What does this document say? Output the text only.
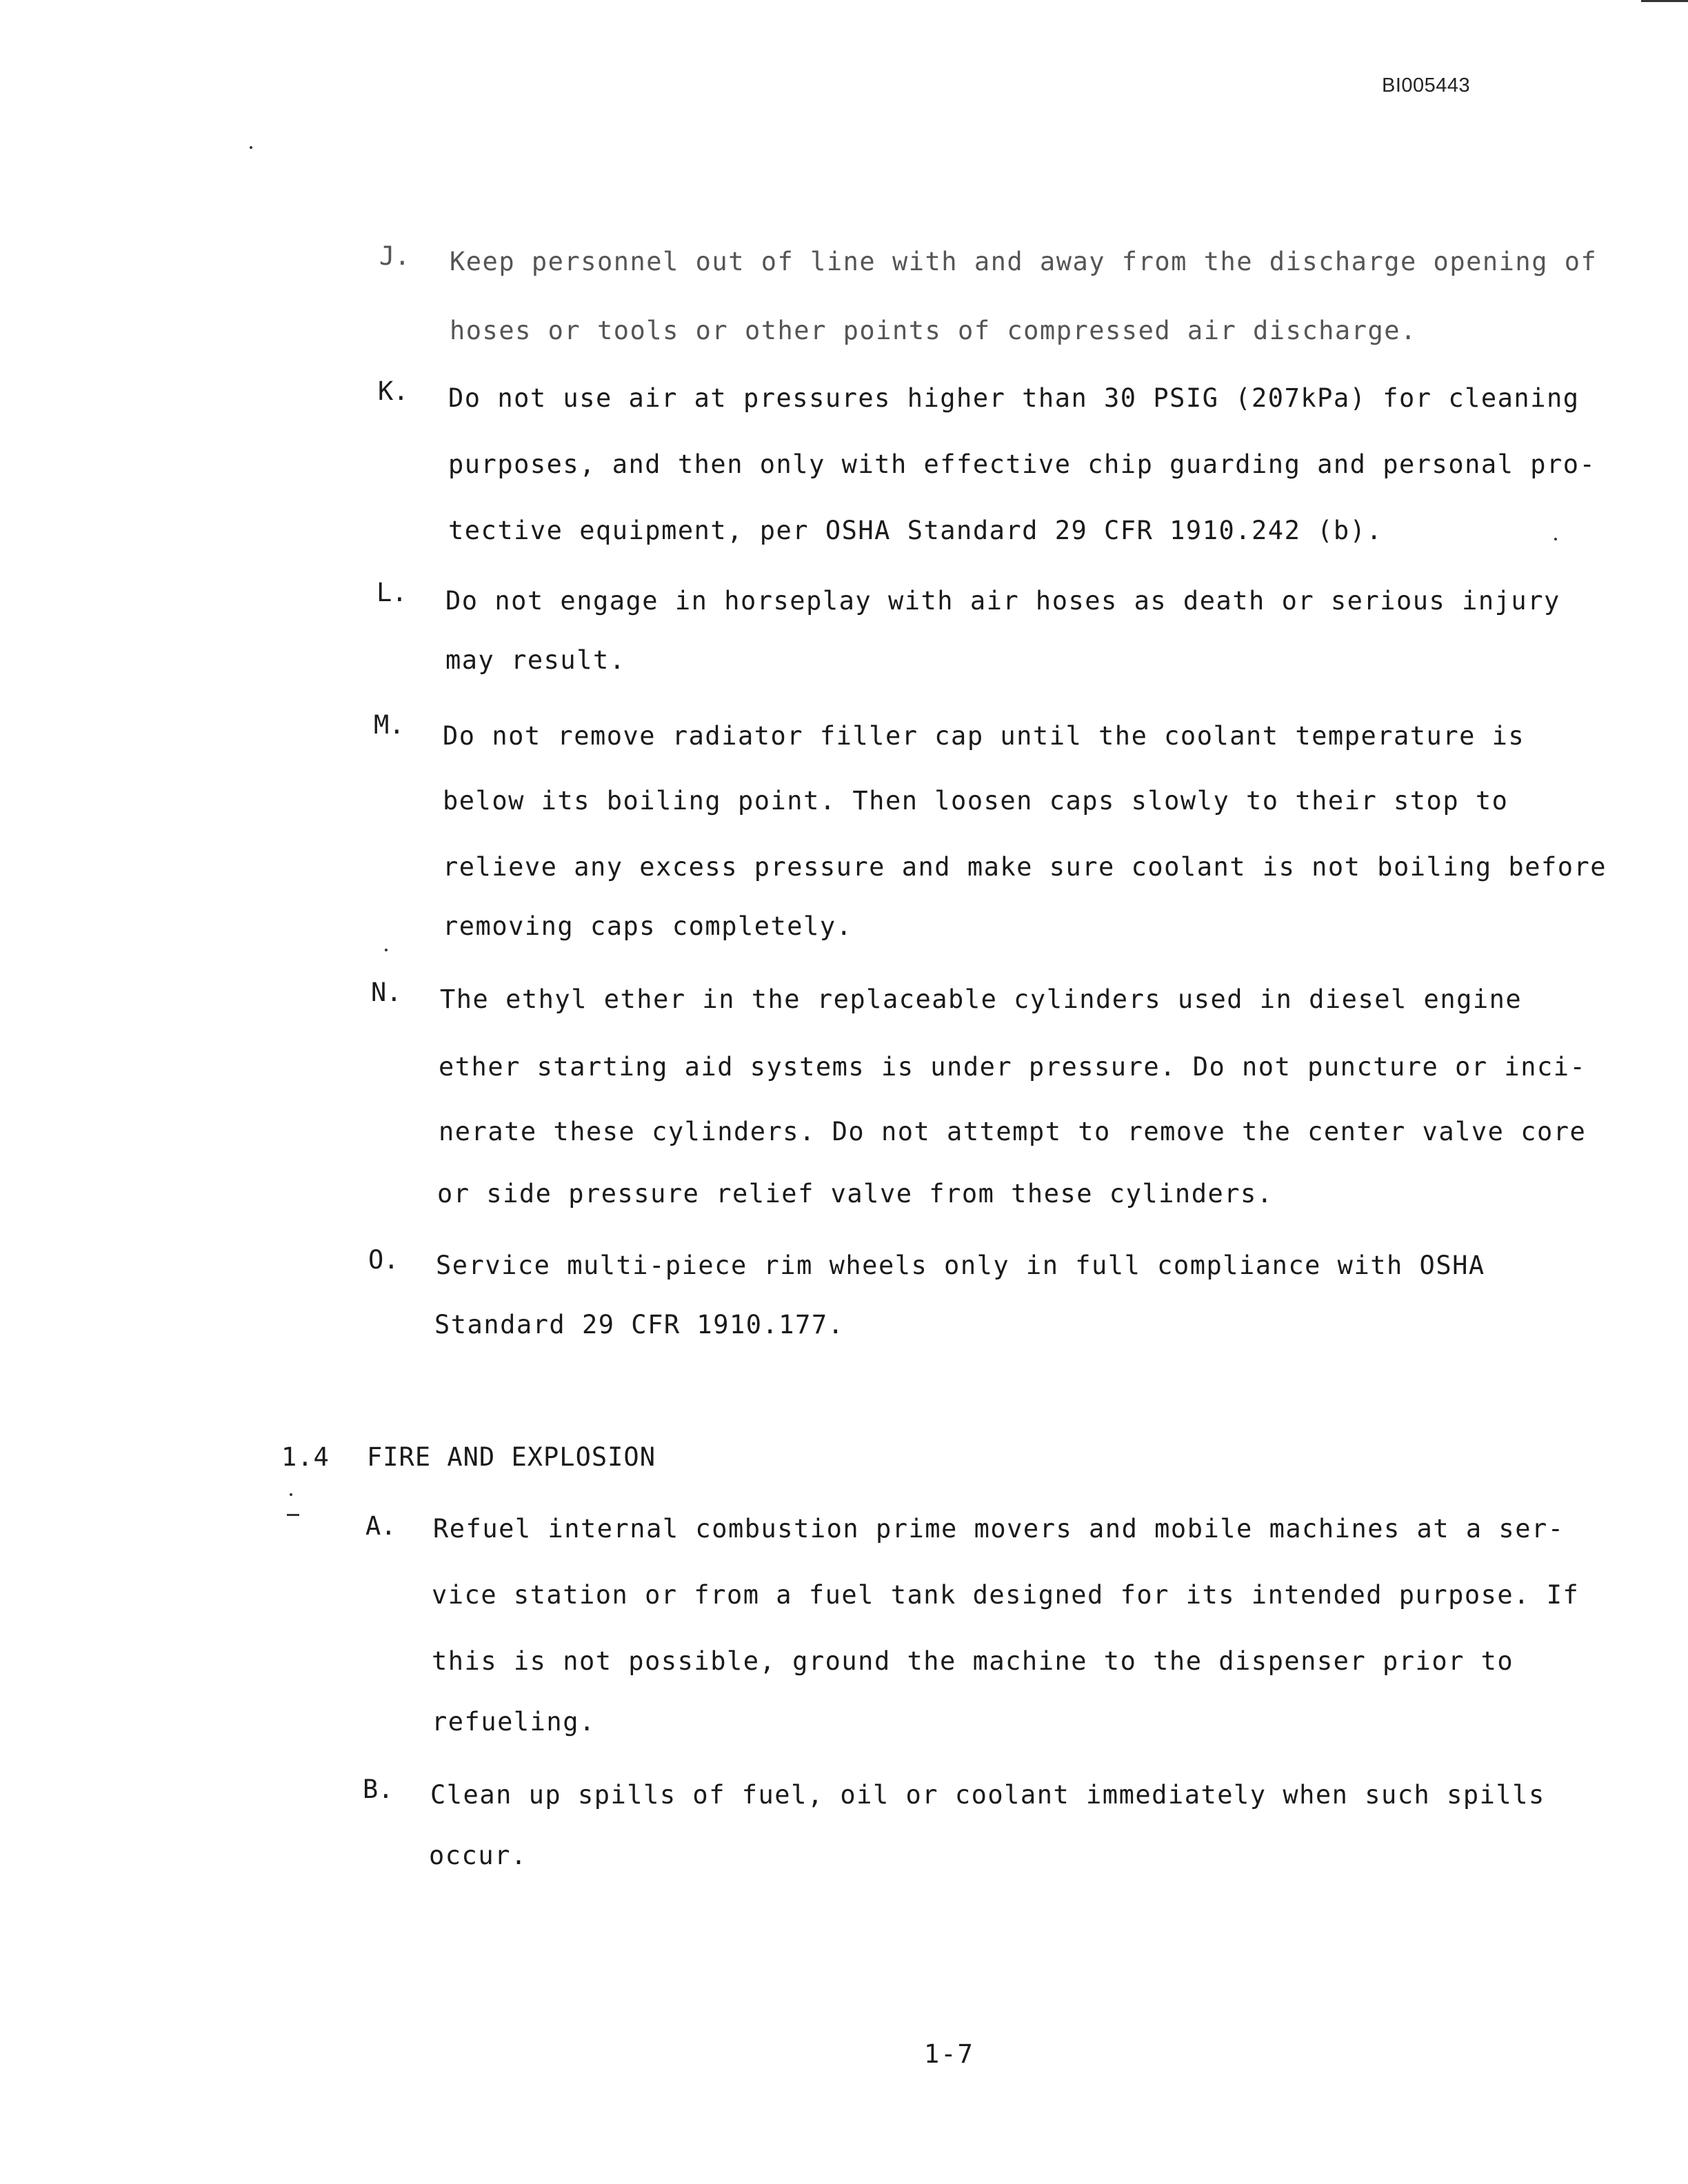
BI005443
J. Keep personnel out of line with and away from the discharge opening of
hoses or tools or other points of compressed air discharge.
K. Do not use air at pressures higher than 30 PSIG (207kPa) for cleaning
purposes, and then only with effective chip guarding and personal pro-
tective equipment, per OSHA Standard 29 CFR 1910.242 (b).
L. Do not engage in horseplay with air hoses as death or serious injury
may result.
M. Do not remove radiator filler cap until the coolant temperature is
below its boiling point. Then loosen caps slowly to their stop to
relieve any excess pressure and make sure coolant is not boiling before
removing caps completely.
N. The ethyl ether in the replaceable cylinders used in diesel engine
ether starting aid systems is under pressure. Do not puncture or inci-
nerate these cylinders. Do not attempt to remove the center valve core
or side pressure relief valve from these cylinders.
O. Service multi-piece rim wheels only in full compliance with OSHA
Standard 29 CFR 1910.177.
1.4 FIRE AND EXPLOSION
A. Refuel internal combustion prime movers and mobile machines at a ser-
vice station or from a fuel tank designed for its intended purpose. If
this is not possible, ground the machine to the dispenser prior to
refueling.
B. Clean up spills of fuel, oil or coolant immediately when such spills
occur.
1-7
